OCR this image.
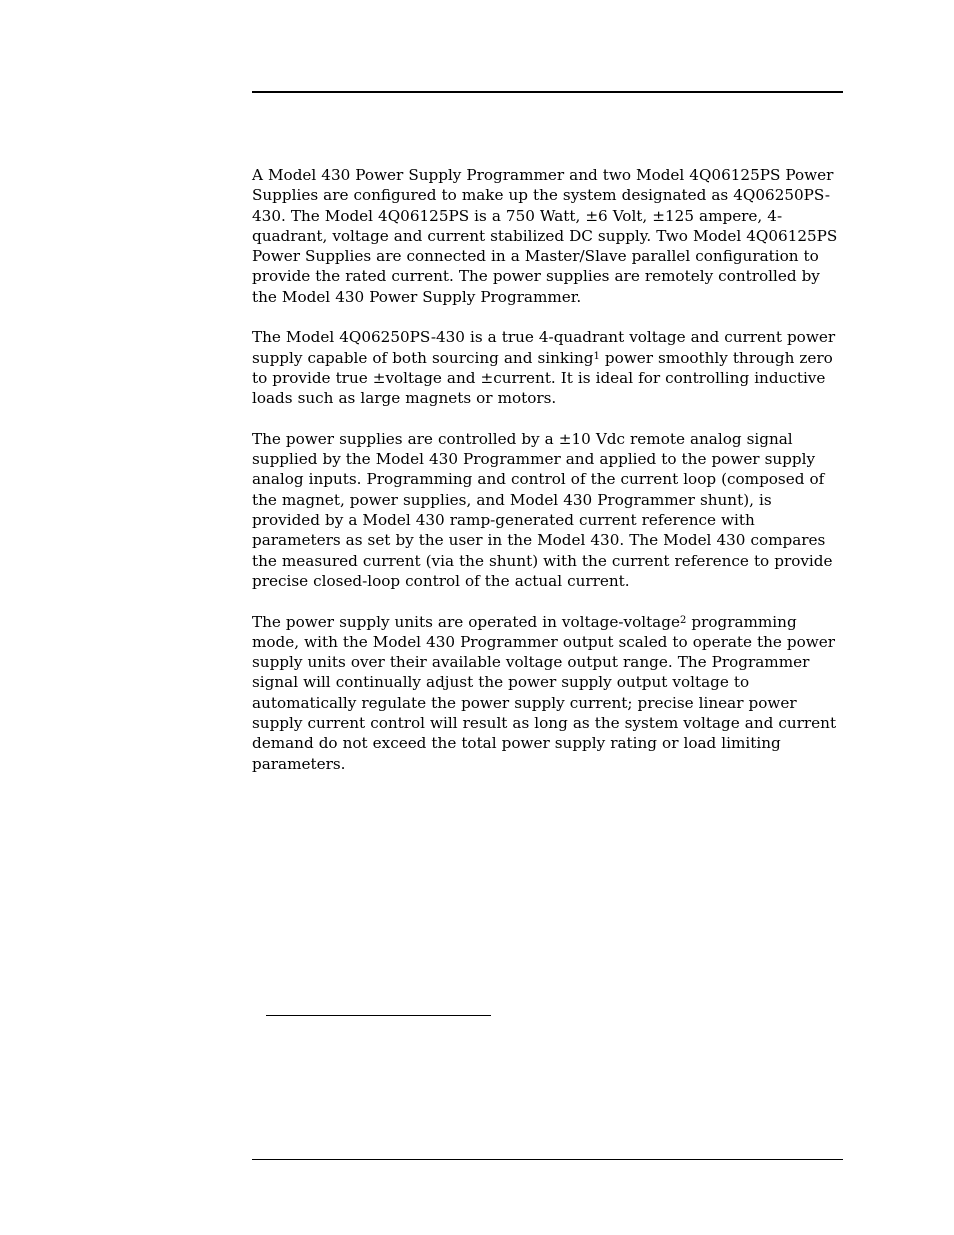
A Model 430 Power Supply Programmer and two Model 4Q06125PS Power Supplies are configured to make up the system designated as 4Q06250PS-430. The Model 4Q06125PS is a 750 Watt, ±6 Volt, ±125 ampere, 4-quadrant, voltage and current stabilized DC supply. Two Model 4Q06125PS Power Supplies are connected in a Master/Slave parallel configuration to provide the rated current. The power supplies are remotely controlled by the Model 430 Power Supply Programmer.

The Model 4Q06250PS-430 is a true 4-quadrant voltage and current power supply capable of both sourcing and sinking$^1$ power smoothly through zero to provide true ±voltage and ±current. It is ideal for controlling inductive loads such as large magnets or motors.

The power supplies are controlled by a ±10 Vdc remote analog signal supplied by the Model 430 Programmer and applied to the power supply analog inputs. Programming and control of the current loop (composed of the magnet, power supplies, and Model 430 Programmer shunt), is provided by a Model 430 ramp-generated current reference with parameters as set by the user in the Model 430. The Model 430 compares the measured current (via the shunt) with the current reference to provide precise closed-loop control of the actual current.

The power supply units are operated in voltage-voltage$^2$ programming mode, with the Model 430 Programmer output scaled to operate the power supply units over their available voltage output range. The Programmer signal will continually adjust the power supply output voltage to automatically regulate the power supply current; precise linear power supply current control will result as long as the system voltage and current demand do not exceed the total power supply rating or load limiting parameters.
